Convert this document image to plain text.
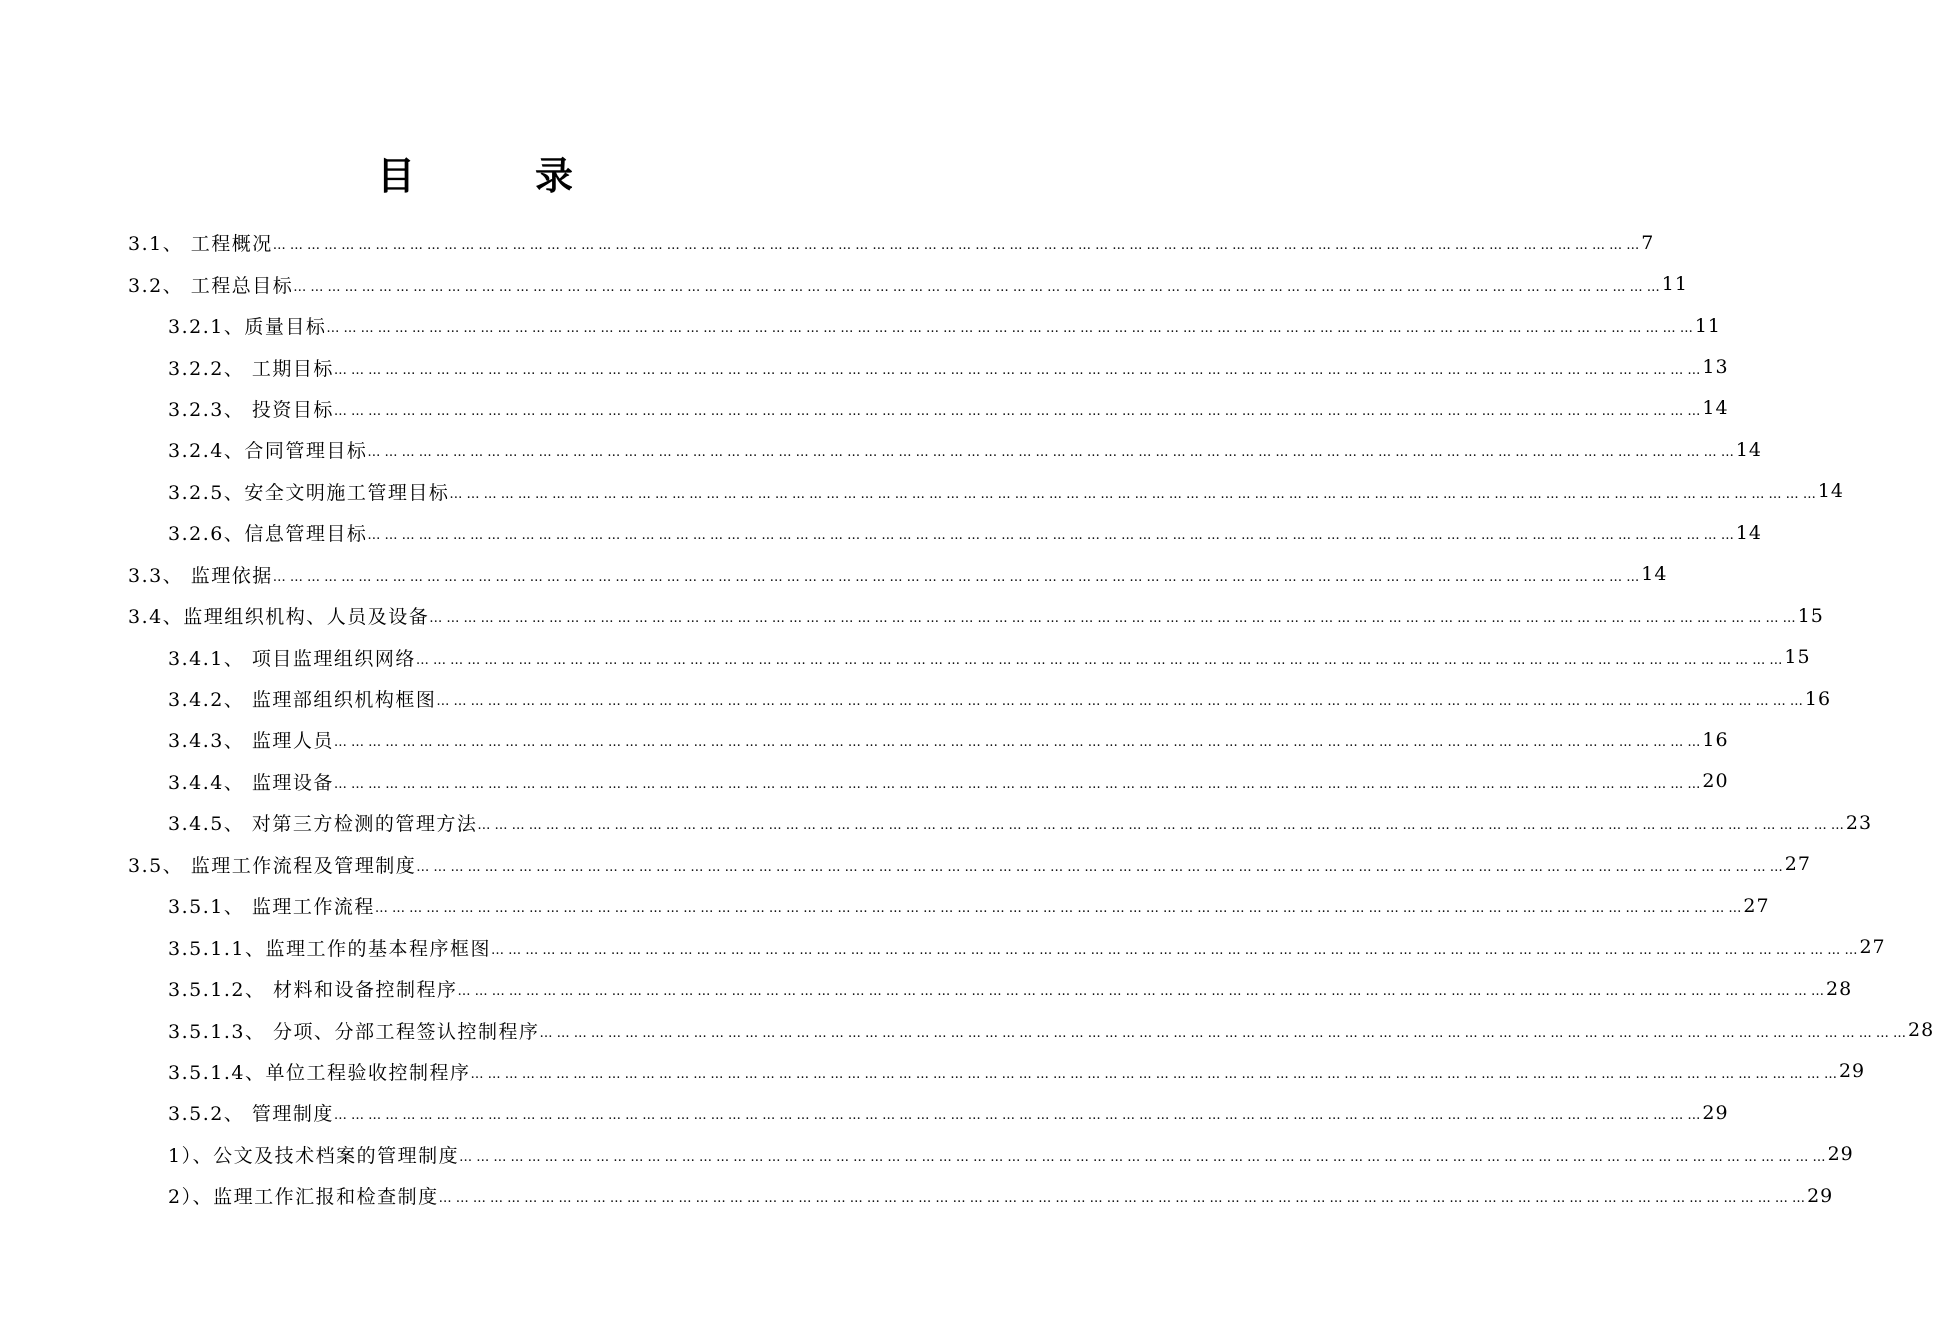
目	录
3.1、 工程概况 … … … … … … … … … … … … … … … … … … … … … … … … … … … … … … … … … … … … … … … … … … … … … … … … … … … … … … … … … … … … … … … … … … … … … … … … … … … … … … … … 7
3.2、 工程总目标 … … … … … … … … … … … … … … … … … … … … … … … … … … … … … … … … … … … … … … … … … … … … … … … … … … … … … … … … … … … … … … … … … … … … … … … … … … … … … … … … 11
3.2.1、质量目标 … … … … … … … … … … … … … … … … … … … … … … … … … … … … … … … … … … … … … … … … … … … … … … … … … … … … … … … … … … … … … … … … … … … … … … … … … … … … … … … … 11
3.2.2、 工期目标 … … … … … … … … … … … … … … … … … … … … … … … … … … … … … … … … … … … … … … … … … … … … … … … … … … … … … … … … … … … … … … … … … … … … … … … … … … … … … … … … 13
3.2.3、 投资目标 … … … … … … … … … … … … … … … … … … … … … … … … … … … … … … … … … … … … … … … … … … … … … … … … … … … … … … … … … … … … … … … … … … … … … … … … … … … … … … … … 14
3.2.4、合同管理目标 … … … … … … … … … … … … … … … … … … … … … … … … … … … … … … … … … … … … … … … … … … … … … … … … … … … … … … … … … … … … … … … … … … … … … … … … … … … … … … … … 14
3.2.5、安全文明施工管理目标 … … … … … … … … … … … … … … … … … … … … … … … … … … … … … … … … … … … … … … … … … … … … … … … … … … … … … … … … … … … … … … … … … … … … … … … … … … … … … … … … 14
3.2.6、信息管理目标 … … … … … … … … … … … … … … … … … … … … … … … … … … … … … … … … … … … … … … … … … … … … … … … … … … … … … … … … … … … … … … … … … … … … … … … … … … … … … … … … 14
3.3、 监理依据 … … … … … … … … … … … … … … … … … … … … … … … … … … … … … … … … … … … … … … … … … … … … … … … … … … … … … … … … … … … … … … … … … … … … … … … … … … … … … … … … 14
3.4、监理组织机构、人员及设备 … … … … … … … … … … … … … … … … … … … … … … … … … … … … … … … … … … … … … … … … … … … … … … … … … … … … … … … … … … … … … … … … … … … … … … … … … … … … … … … … 15
3.4.1、 项目监理组织网络 … … … … … … … … … … … … … … … … … … … … … … … … … … … … … … … … … … … … … … … … … … … … … … … … … … … … … … … … … … … … … … … … … … … … … … … … … … … … … … … … 15
3.4.2、 监理部组织机构框图 … … … … … … … … … … … … … … … … … … … … … … … … … … … … … … … … … … … … … … … … … … … … … … … … … … … … … … … … … … … … … … … … … … … … … … … … … … … … … … … … 16
3.4.3、 监理人员 … … … … … … … … … … … … … … … … … … … … … … … … … … … … … … … … … … … … … … … … … … … … … … … … … … … … … … … … … … … … … … … … … … … … … … … … … … … … … … … … 16
3.4.4、 监理设备 … … … … … … … … … … … … … … … … … … … … … … … … … … … … … … … … … … … … … … … … … … … … … … … … … … … … … … … … … … … … … … … … … … … … … … … … … … … … … … … … 20
3.4.5、 对第三方检测的管理方法 … … … … … … … … … … … … … … … … … … … … … … … … … … … … … … … … … … … … … … … … … … … … … … … … … … … … … … … … … … … … … … … … … … … … … … … … … … … … … … … … 23
3.5、 监理工作流程及管理制度 … … … … … … … … … … … … … … … … … … … … … … … … … … … … … … … … … … … … … … … … … … … … … … … … … … … … … … … … … … … … … … … … … … … … … … … … … … … … … … … … 27
3.5.1、 监理工作流程 … … … … … … … … … … … … … … … … … … … … … … … … … … … … … … … … … … … … … … … … … … … … … … … … … … … … … … … … … … … … … … … … … … … … … … … … … … … … … … … … 27
3.5.1.1、监理工作的基本程序框图 … … … … … … … … … … … … … … … … … … … … … … … … … … … … … … … … … … … … … … … … … … … … … … … … … … … … … … … … … … … … … … … … … … … … … … … … … … … … … … … … 27
3.5.1.2、 材料和设备控制程序 … … … … … … … … … … … … … … … … … … … … … … … … … … … … … … … … … … … … … … … … … … … … … … … … … … … … … … … … … … … … … … … … … … … … … … … … … … … … … … … … 28
3.5.1.3、 分项、分部工程签认控制程序 … … … … … … … … … … … … … … … … … … … … … … … … … … … … … … … … … … … … … … … … … … … … … … … … … … … … … … … … … … … … … … … … … … … … … … … … … … … … … … … … 28
3.5.1.4、单位工程验收控制程序 … … … … … … … … … … … … … … … … … … … … … … … … … … … … … … … … … … … … … … … … … … … … … … … … … … … … … … … … … … … … … … … … … … … … … … … … … … … … … … … … 29
3.5.2、 管理制度 … … … … … … … … … … … … … … … … … … … … … … … … … … … … … … … … … … … … … … … … … … … … … … … … … … … … … … … … … … … … … … … … … … … … … … … … … … … … … … … … 29
1）、公文及技术档案的管理制度 … … … … … … … … … … … … … … … … … … … … … … … … … … … … … … … … … … … … … … … … … … … … … … … … … … … … … … … … … … … … … … … … … … … … … … … … … … … … … … … … 29
2）、监理工作汇报和检查制度 … … … … … … … … … … … … … … … … … … … … … … … … … … … … … … … … … … … … … … … … … … … … … … … … … … … … … … … … … … … … … … … … … … … … … … … … … … … … … … … … 29
